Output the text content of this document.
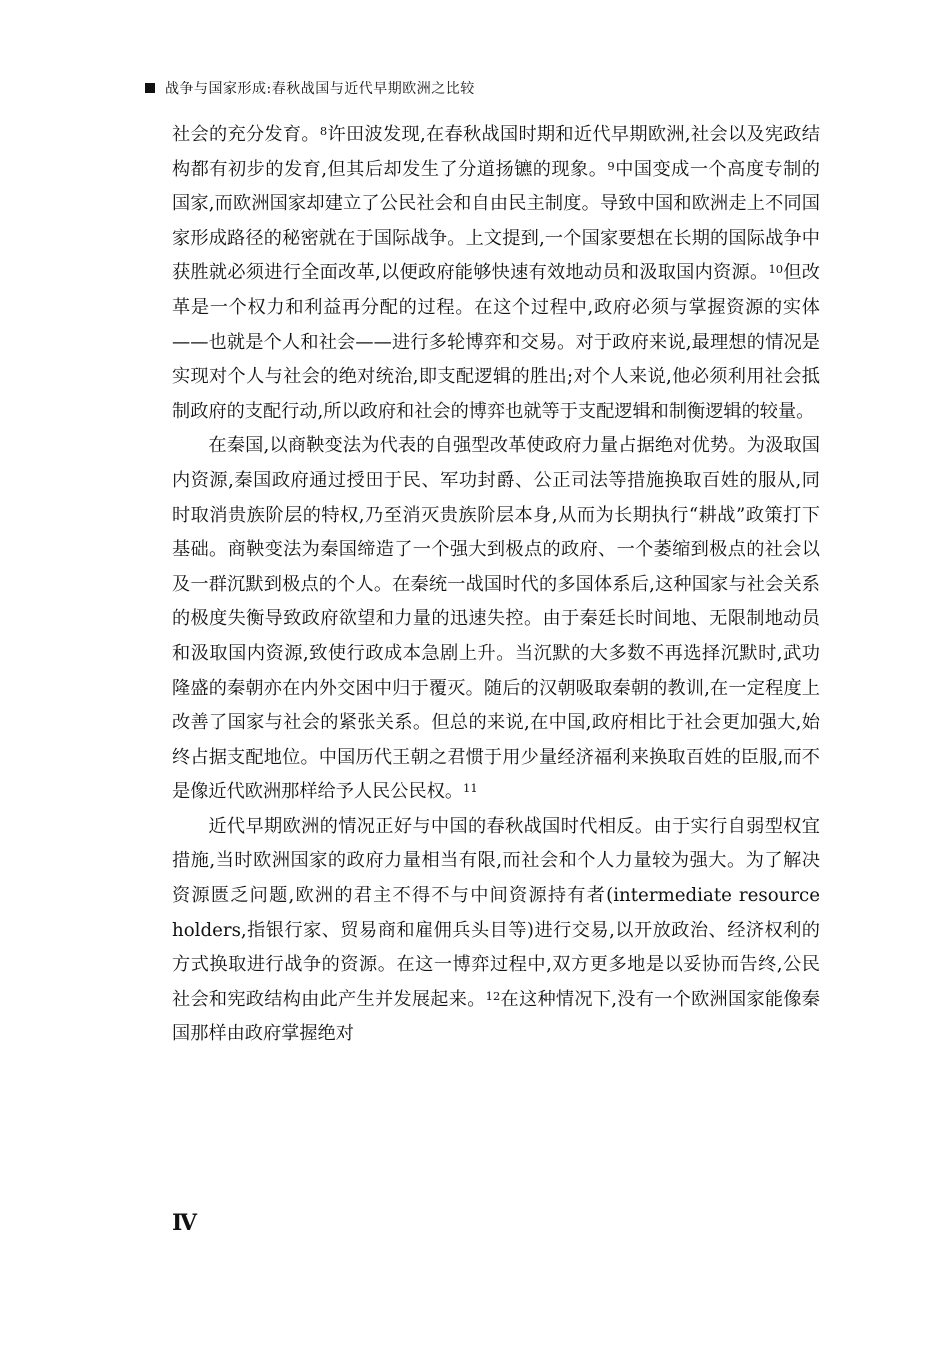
战争与国家形成:春秋战国与近代早期欧洲之比较

社会的充分发育。$^8$许田波发现,在春秋战国时期和近代早期欧洲,社会以及宪政结构都有初步的发育,但其后却发生了分道扬镳的现象。$^9$中国变成一个高度专制的国家,而欧洲国家却建立了公民社会和自由民主制度。导致中国和欧洲走上不同国家形成路径的秘密就在于国际战争。上文提到,一个国家要想在长期的国际战争中获胜就必须进行全面改革,以便政府能够快速有效地动员和汲取国内资源。$^{10}$但改革是一个权力和利益再分配的过程。在这个过程中,政府必须与掌握资源的实体——也就是个人和社会——进行多轮博弈和交易。对于政府来说,最理想的情况是实现对个人与社会的绝对统治,即支配逻辑的胜出;对个人来说,他必须利用社会抵制政府的支配行动,所以政府和社会的博弈也就等于支配逻辑和制衡逻辑的较量。

在秦国,以商鞅变法为代表的自强型改革使政府力量占据绝对优势。为汲取国内资源,秦国政府通过授田于民、军功封爵、公正司法等措施换取百姓的服从,同时取消贵族阶层的特权,乃至消灭贵族阶层本身,从而为长期执行“耕战”政策打下基础。商鞅变法为秦国缔造了一个强大到极点的政府、一个萎缩到极点的社会以及一群沉默到极点的个人。在秦统一战国时代的多国体系后,这种国家与社会关系的极度失衡导致政府欲望和力量的迅速失控。由于秦廷长时间地、无限制地动员和汲取国内资源,致使行政成本急剧上升。当沉默的大多数不再选择沉默时,武功隆盛的秦朝亦在内外交困中归于覆灭。随后的汉朝吸取秦朝的教训,在一定程度上改善了国家与社会的紧张关系。但总的来说,在中国,政府相比于社会更加强大,始终占据支配地位。中国历代王朝之君惯于用少量经济福利来换取百姓的臣服,而不是像近代欧洲那样给予人民公民权。$^{11}$

近代早期欧洲的情况正好与中国的春秋战国时代相反。由于实行自弱型权宜措施,当时欧洲国家的政府力量相当有限,而社会和个人力量较为强大。为了解决资源匮乏问题,欧洲的君主不得不与中间资源持有者(intermediate resource holders,指银行家、贸易商和雇佣兵头目等)进行交易,以开放政治、经济权利的方式换取进行战争的资源。在这一博弈过程中,双方更多地是以妥协而告终,公民社会和宪政结构由此产生并发展起来。$^{12}$在这种情况下,没有一个欧洲国家能像秦国那样由政府掌握绝对

Ⅳ
